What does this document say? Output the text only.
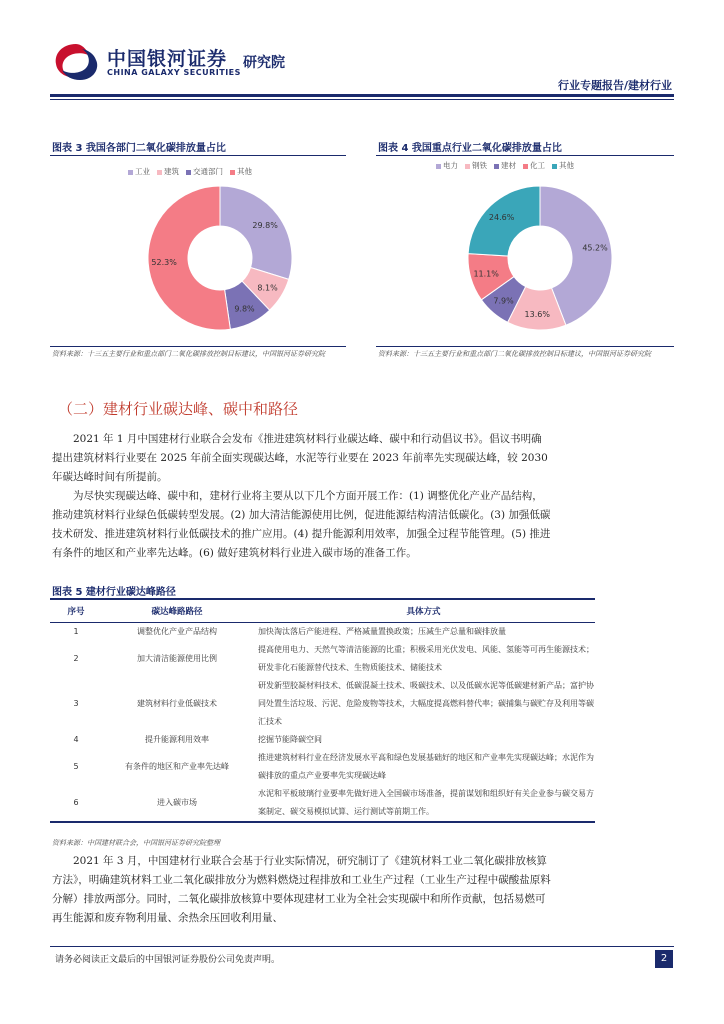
中国银河证券
CHINA GALAXY SECURITIES
研究院
行业专题报告/建材行业
图表 3 我国各部门二氧化碳排放量占比
工业	建筑	交通部门	其他
29.8%
8.1%
9.8%
52.3%
资料来源：十三五主要行业和重点部门二氧化碳排放控制目标建议，中国银河证券研究院
图表 4 我国重点行业二氧化碳排放量占比
电力	钢铁	建材	化工	其他
45.2%
13.6%
7.9%
11.1%
24.6%
资料来源：十三五主要行业和重点部门二氧化碳排放控制目标建议，中国银河证券研究院
（二）建材行业碳达峰、碳中和路径
2021 年 1 月中国建材行业联合会发布《推进建筑材料行业碳达峰、碳中和行动倡议书》。倡议书明确提出建筑材料行业要在 2025 年前全面实现碳达峰，水泥等行业要在 2023 年前率先实现碳达峰，较 2030 年碳达峰时间有所提前。
为尽快实现碳达峰、碳中和，建材行业将主要从以下几个方面开展工作：(1) 调整优化产业产品结构，推动建筑材料行业绿色低碳转型发展。(2) 加大清洁能源使用比例，促进能源结构清洁低碳化。(3) 加强低碳技术研发、推进建筑材料行业低碳技术的推广应用。(4) 提升能源利用效率，加强全过程节能管理。(5) 推进有条件的地区和产业率先达峰。(6) 做好建筑材料行业进入碳市场的准备工作。
图表 5 建材行业碳达峰路径
序号	碳达峰路路径	具体方式
1	调整优化产业产品结构	加快淘汰落后产能进程、严格减量置换政策；压减生产总量和碳排放量
2	加大清洁能源使用比例	提高使用电力、天然气等清洁能源的比重；积极采用光伏发电、风能、氢能等可再生能源技术；研发非化石能源替代技术、生物质能技术、储能技术
3	建筑材料行业低碳技术	研发新型胶凝材料技术、低碳混凝土技术、吸碳技术、以及低碳水泥等低碳建材新产品；富护协同处置生活垃圾、污泥、危险废物等技术，大幅度提高燃料替代率；碳捕集与碳贮存及利用等碳汇技术
4	提升能源利用效率	挖掘节能降碳空间
5	有条件的地区和产业率先达峰	推进建筑材料行业在经济发展水平高和绿色发展基础好的地区和产业率先实现碳达峰；水泥作为碳排放的重点产业要率先实现碳达峰
6	进入碳市场	水泥和平板玻璃行业要率先做好进入全国碳市场准备，提前谋划和组织好有关企业参与碳交易方案制定、碳交易模拟试算、运行测试等前期工作。
资料来源：中国建材联合会，中国银河证券研究院整理
2021 年 3 月，中国建材行业联合会基于行业实际情况，研究制订了《建筑材料工业二氧化碳排放核算方法》，明确建筑材料工业二氧化碳排放分为燃料燃烧过程排放和工业生产过程（工业生产过程中碳酸盐原料分解）排放两部分。同时，二氧化碳排放核算中要体现建材工业为全社会实现碳中和所作贡献，包括易燃可再生能源和废弃物利用量、余热余压回收利用量、
请务必阅读正文最后的中国银河证券股份公司免责声明。	2
